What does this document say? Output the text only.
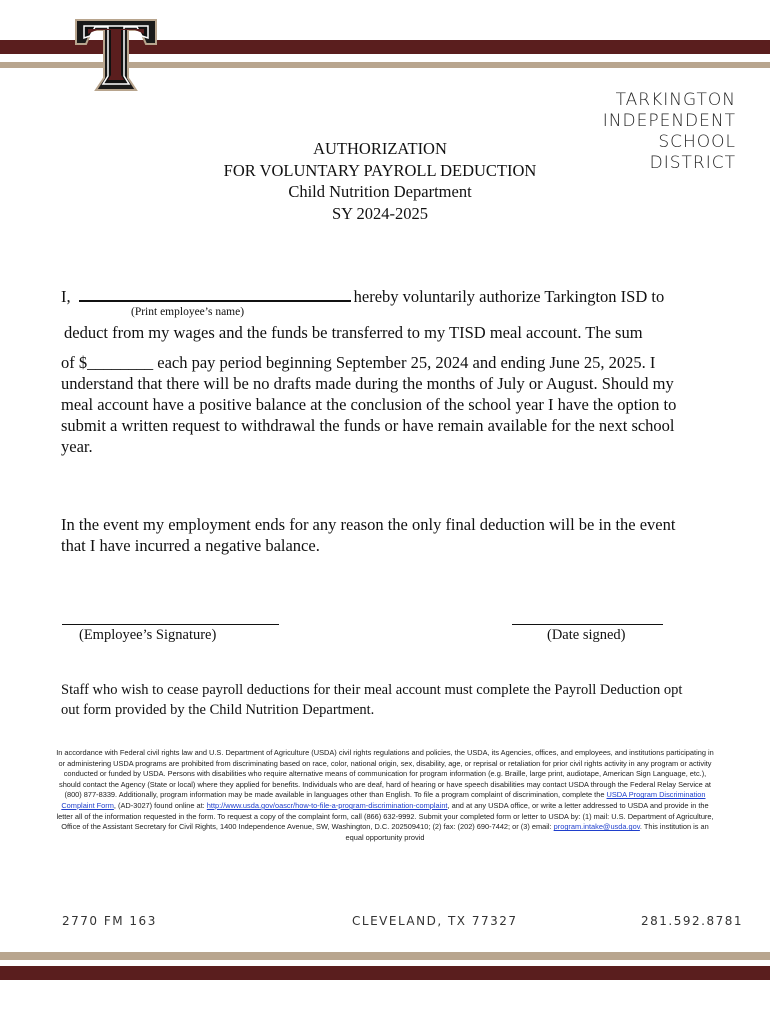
TARKINGTON
INDEPENDENT SCHOOL
DISTRICT
AUTHORIZATION
FOR VOLUNTARY PAYROLL DEDUCTION
Child Nutrition Department
SY 2024-2025
I,	hereby voluntarily authorize Tarkington ISD to
(Print employee’s name)
deduct from my wages and the funds be transferred to my TISD meal account. The sum
of $________ each pay period beginning September 25, 2024 and ending June 25, 2025. I understand that there will be no drafts made during the months of July or August. Should my meal account have a positive balance at the conclusion of the school year I have the option to submit a written request to withdrawal the funds or have remain available for the next school year.
In the event my employment ends for any reason the only final deduction will be in the event that I have incurred a negative balance.
(Employee’s Signature)	(Date signed)
Staff who wish to cease payroll deductions for their meal account must complete the Payroll Deduction opt out form provided by the Child Nutrition Department.
In accordance with Federal civil rights law and U.S. Department of Agriculture (USDA) civil rights regulations and policies, the USDA, its Agencies, offices, and employees, and institutions participating in or administering USDA programs are prohibited from discriminating based on race, color, national origin, sex, disability, age, or reprisal or retaliation for prior civil rights activity in any program or activity conducted or funded by USDA. Persons with disabilities who require alternative means of communication for program information (e.g. Braille, large print, audiotape, American Sign Language, etc.), should contact the Agency (State or local) where they applied for benefits. Individuals who are deaf, hard of hearing or have speech disabilities may contact USDA through the Federal Relay Service at (800) 877-8339. Additionally, program information may be made available in languages other than English. To file a program complaint of discrimination, complete the USDA Program Discrimination Complaint Form, (AD-3027) found online at: http://www.usda.gov/oascr/how-to-file-a-program-discrimination-complaint, and at any USDA office, or write a letter addressed to USDA and provide in the letter all of the information requested in the form. To request a copy of the complaint form, call (866) 632-9992. Submit your completed form or letter to USDA by: (1) mail: U.S. Department of Agriculture, Office of the Assistant Secretary for Civil Rights, 1400 Independence Avenue, SW, Washington, D.C. 202509410; (2) fax: (202) 690-7442; or (3) email: program.intake@usda.gov. This institution is an equal opportunity provid
2770 FM 163	CLEVELAND, TX 77327	281.592.8781
